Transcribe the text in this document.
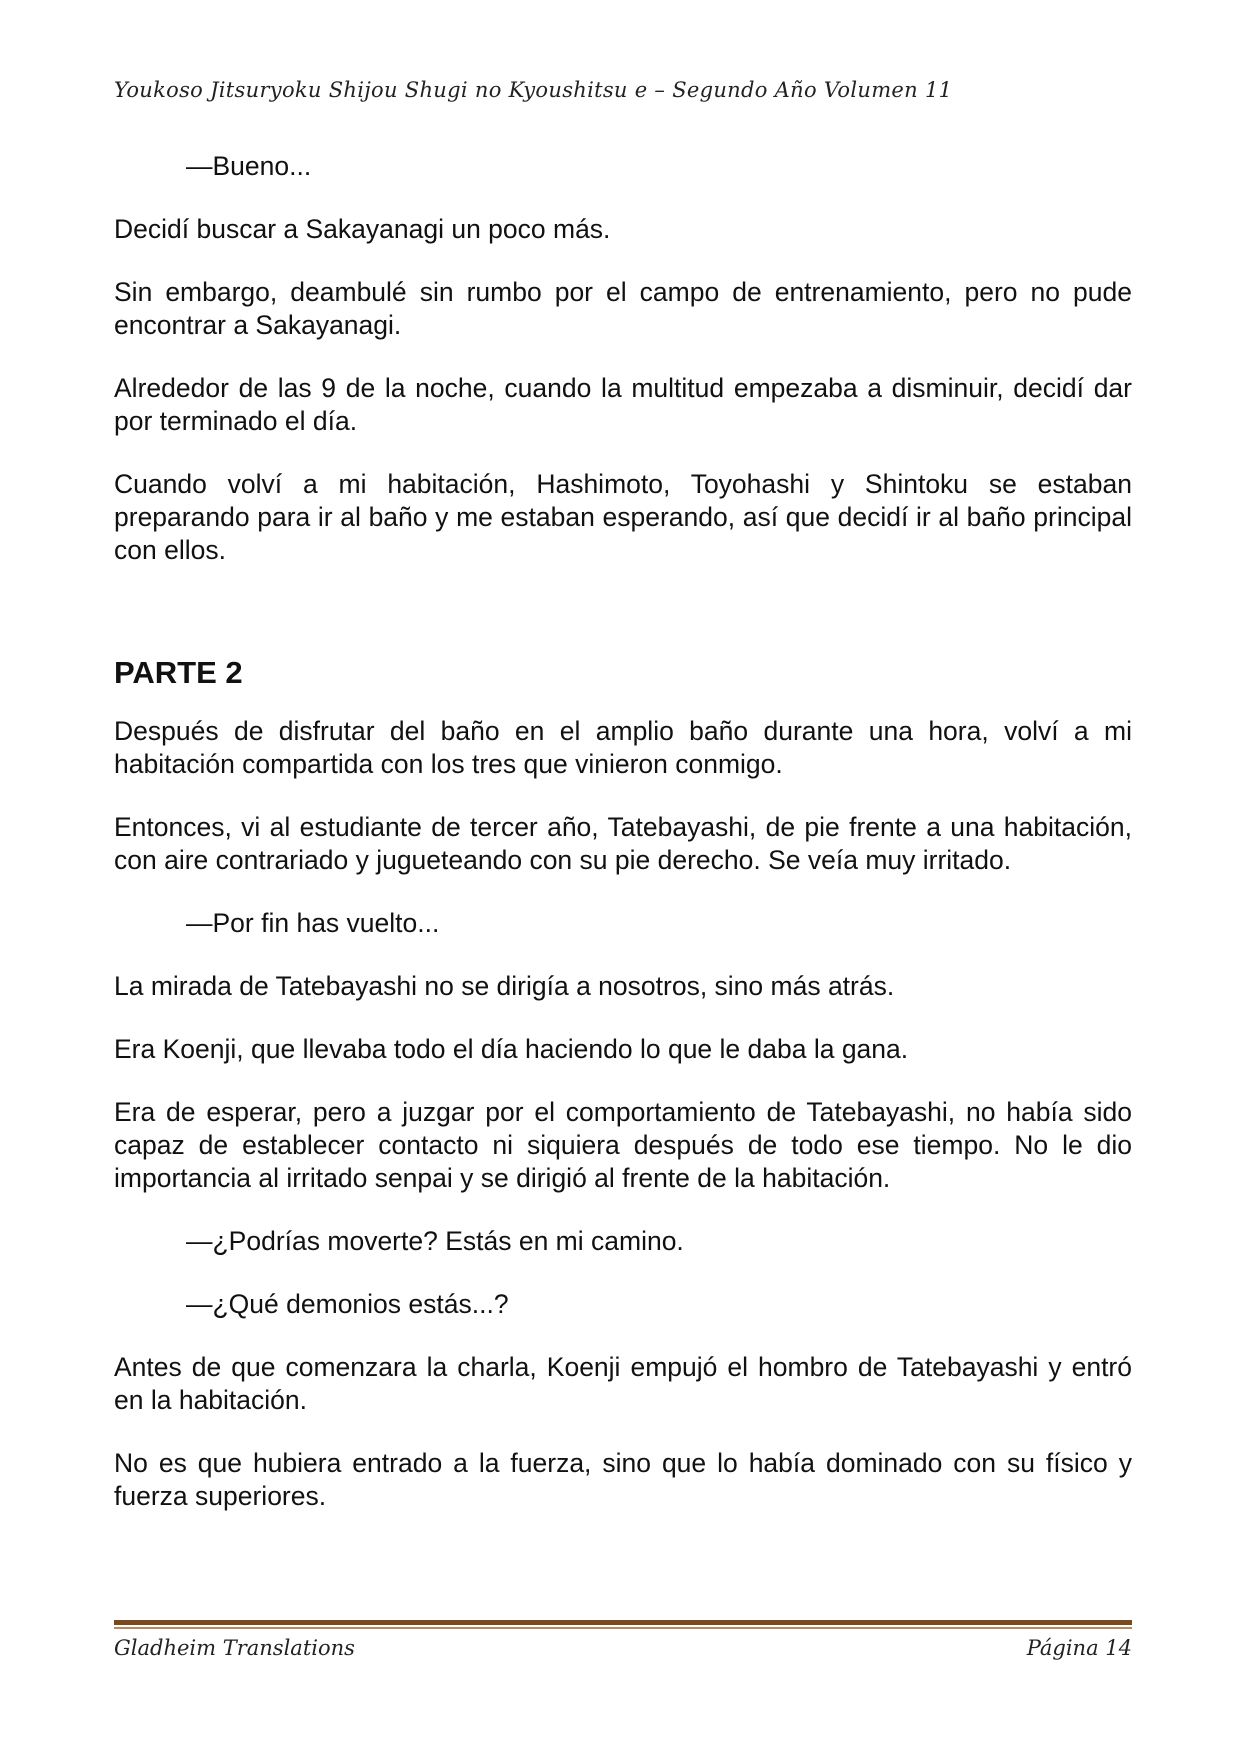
Youkoso Jitsuryoku Shijou Shugi no Kyoushitsu e – Segundo Año Volumen 11

—Bueno...

Decidí buscar a Sakayanagi un poco más.

Sin embargo, deambulé sin rumbo por el campo de entrenamiento, pero no pude encontrar a Sakayanagi.

Alrededor de las 9 de la noche, cuando la multitud empezaba a disminuir, decidí dar por terminado el día.

Cuando volví a mi habitación, Hashimoto, Toyohashi y Shintoku se estaban preparando para ir al baño y me estaban esperando, así que decidí ir al baño principal con ellos.

PARTE 2

Después de disfrutar del baño en el amplio baño durante una hora, volví a mi habitación compartida con los tres que vinieron conmigo.

Entonces, vi al estudiante de tercer año, Tatebayashi, de pie frente a una habitación, con aire contrariado y jugueteando con su pie derecho. Se veía muy irritado.

—Por fin has vuelto...

La mirada de Tatebayashi no se dirigía a nosotros, sino más atrás.

Era Koenji, que llevaba todo el día haciendo lo que le daba la gana.

Era de esperar, pero a juzgar por el comportamiento de Tatebayashi, no había sido capaz de establecer contacto ni siquiera después de todo ese tiempo. No le dio importancia al irritado senpai y se dirigió al frente de la habitación.

—¿Podrías moverte? Estás en mi camino.

—¿Qué demonios estás...?

Antes de que comenzara la charla, Koenji empujó el hombro de Tatebayashi y entró en la habitación.

No es que hubiera entrado a la fuerza, sino que lo había dominado con su físico y fuerza superiores.

Gladheim Translations	Página 14
